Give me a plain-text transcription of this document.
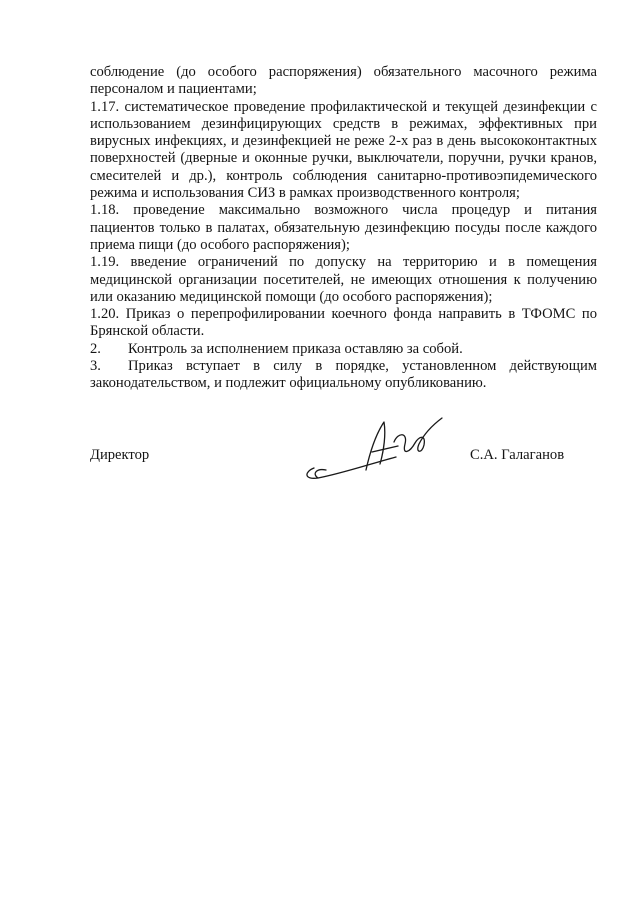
соблюдение (до особого распоряжения) обязательного масочного режима
персоналом и пациентами;
1.17. систематическое проведение профилактической и текущей дезинфекции с
использованием дезинфицирующих средств в режимах, эффективных при
вирусных инфекциях, и дезинфекцией не реже 2-х раз в день высококонтактных
поверхностей (дверные и оконные ручки, выключатели, поручни, ручки кранов,
смесителей и др.), контроль соблюдения санитарно-противоэпидемического
режима и использования СИЗ в рамках производственного контроля;
1.18. проведение максимально возможного числа процедур и питания
пациентов только в палатах, обязательную дезинфекцию посуды после каждого
приема пищи (до особого распоряжения);
1.19. введение ограничений по допуску на территорию и в помещения
медицинской организации посетителей, не имеющих отношения к получению
или оказанию медицинской помощи (до особого распоряжения);
1.20. Приказ о перепрофилировании коечного фонда направить в ТФОМС по
Брянской области.
2.	Контроль за исполнением приказа оставляю за собой.
3.	Приказ вступает в силу в порядке, установленном действующим
законодательством, и подлежит официальному опубликованию.
Директор	С.А. Галаганов
